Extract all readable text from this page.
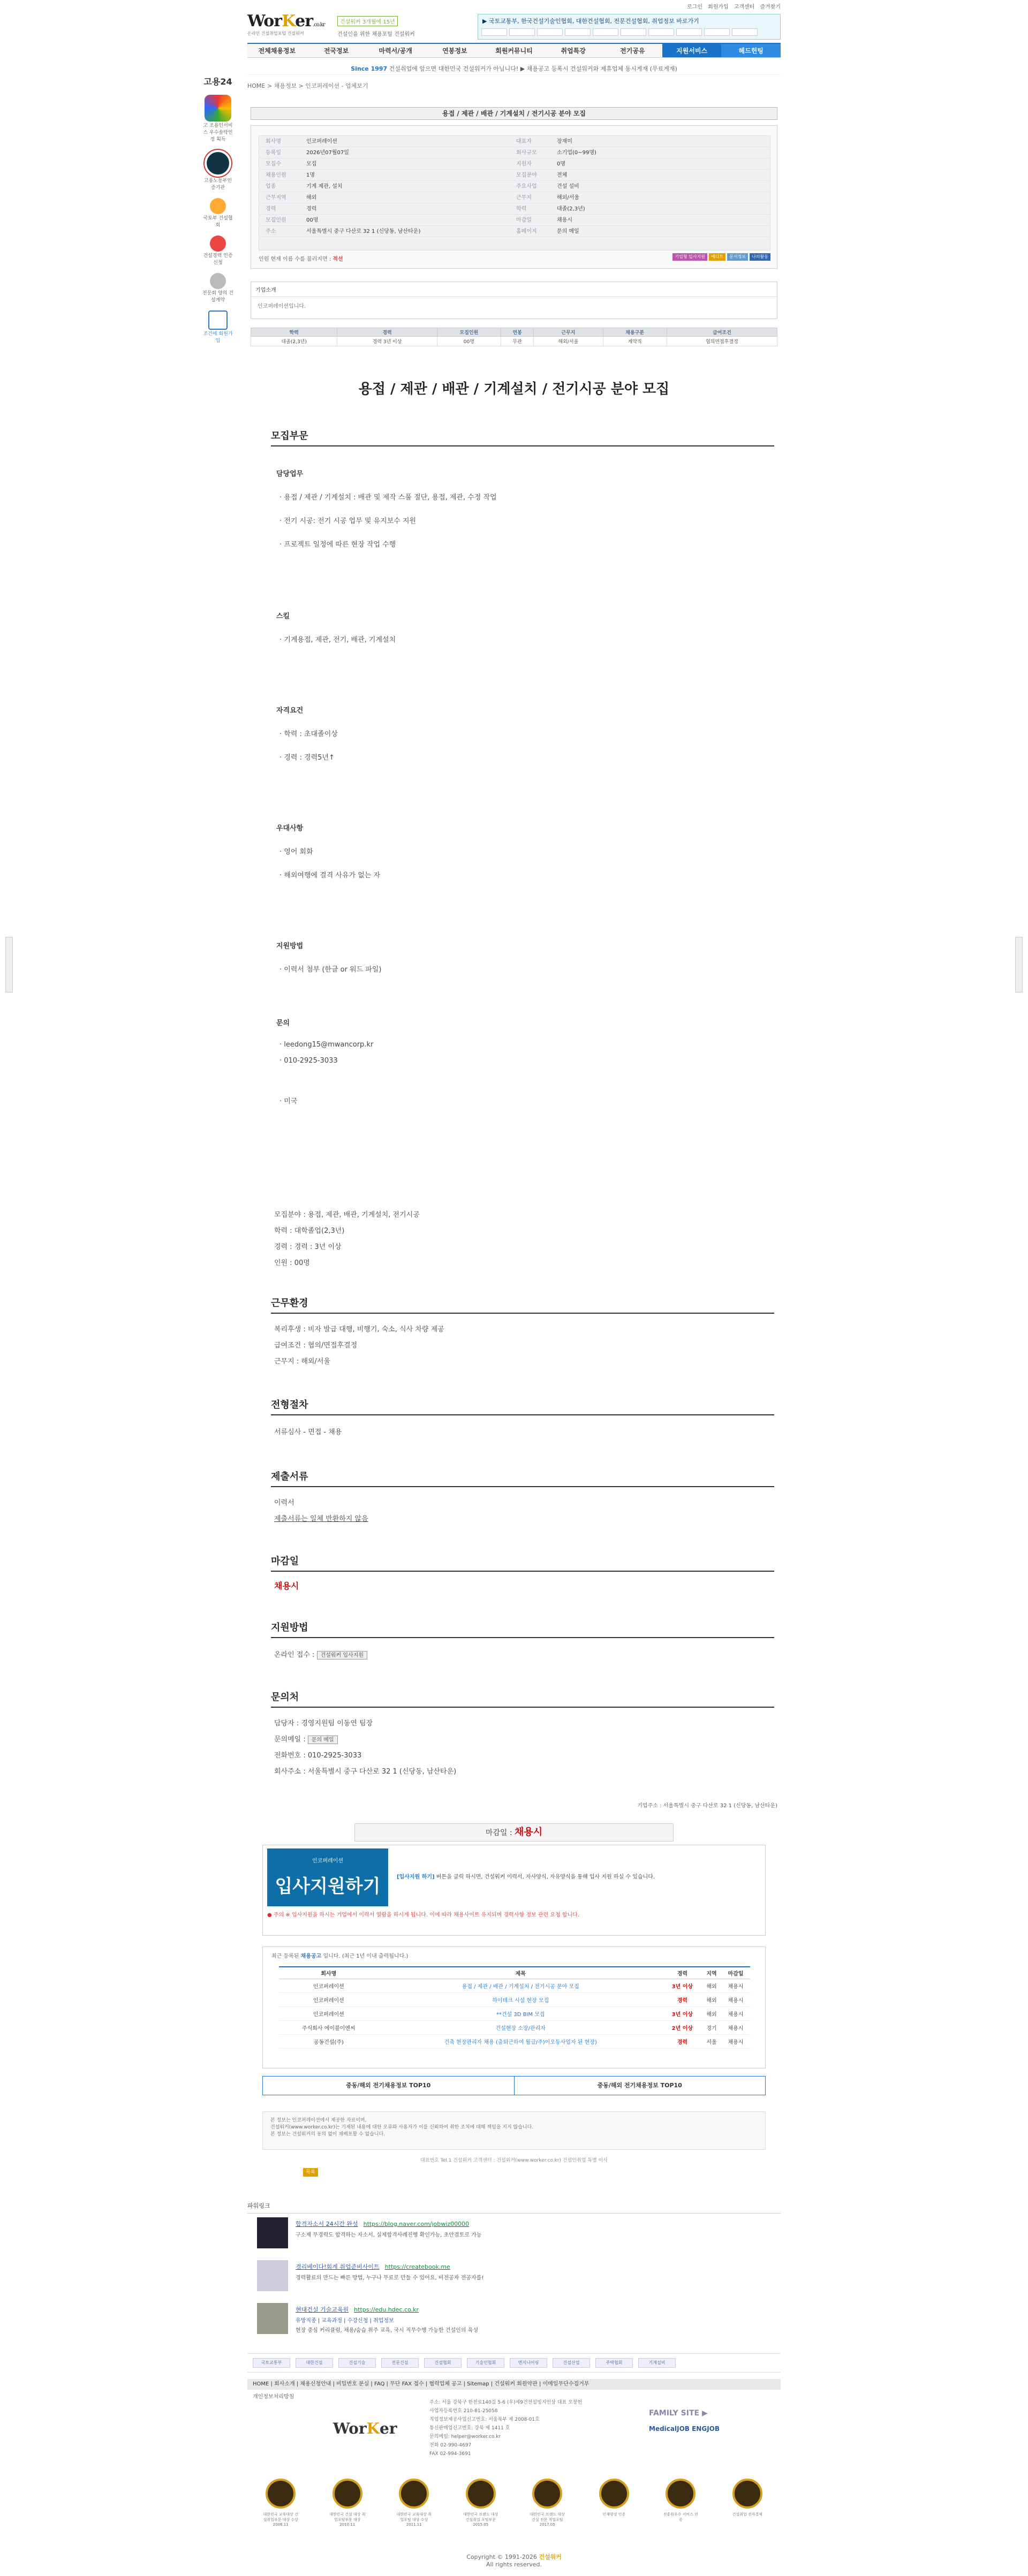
고용24
고 조용인서비스 우수솔탁인정 획득
고용노동부인증기관
국토부 건설협회
건설경력 인증신청
전문회 양의 건설계약
조건에 회원가입
로그인 회원가입 고객센터 즐겨찾기
WorKer.co.kr
온라인 건설취업포털 건설워커
건설워커 3개월에 15년
건설인을 위한 채용포털 건설워커
▶ 국토교통부, 한국건설기술인협회, 대한건설협회, 전문건설협회, 취업정보 바로가기
전체채용정보	전국정보	마력서/공개	연봉정보	회원커뮤니티	취업특강	전기공유	지원서비스	헤드헌팅
Since 1997 건설취업에 앞으면 대한민국 건설워커가 아닙니다! ▶ 채용공고 등록시 건설워커와 제휴업체 동시게재 (무료게재)
HOME > 채용정보 > 인코퍼레이션 - 업체보기
용접 / 제관 / 배관 / 기계설치 / 전기시공 분야 모집
회사명	인코퍼레이션	대표자	장재미
등록일	2026년07월07일	회사규모	소기업(0~99명)
모집수	모집	지원자	0명
채용인원	1명	모집분야	전체
업종	기계 제관, 설치	주요사업	건설 설비
근무지역	해외	근무지	해외/서울
경력	경력	학력	대졸(2,3년)
모집인원	00명	마감일	채용시
주소	서울특별시 중구 다산로 32 1 (신당동, 남산타운)	홈페이지	문의 메일
인원 현재 이름 수를 불러지면 : 적선	기업형 입사지원	에디트	문서정보	나의활동
기업소개
인코퍼레이션입니다.
학력	경력	모집인원	연봉	근무지	채용구분	급여조건
대졸(2,3년)	경력 3년 이상	00명	무관	해외/서울	계약직	협의면접후결정
용접 / 제관 / 배관 / 기계설치 / 전기시공 분야 모집
모집부문
담당업무
· 용접 / 제관 / 기계설치 : 배관 및 제작 스풀 절단, 용접, 제관, 수정 작업
· 전기 시공: 전기 시공 업무 및 유지보수 지원
· 프로젝트 일정에 따른 현장 작업 수행
스킬
· 기계용접, 제관, 전기, 배관, 기계설치
자격요건
· 학력 : 초대졸이상
· 경력 : 경력5년↑
우대사항
· 영어 회화
· 해외여행에 결격 사유가 없는 자
지원방법
· 이력서 첨부 (한글 or 워드 파일)
문의
· leedong15@mwancorp.kr
· 010-2925-3033
· 미국
모집분야 : 용접, 제관, 배관, 기계설치, 전기시공
학력 : 대학졸업(2,3년)
경력 : 경력 : 3년 이상
인원 : 00명
근무환경
복리후생 : 비자 발급 대행, 비행기, 숙소, 식사 차량 제공
급여조건 : 협의/면접후결정
근무지 : 해외/서울
전형절차
서류심사 - 면접 - 채용
제출서류
이력서
제출서류는 일체 반환하지 않음
마감일
채용시
지원방법
온라인 접수 : 건설워커 입사지원
문의처
담당자 : 경영지원팀 이동연 팀장
문의메일 : 문의 메일
전화번호 : 010-2925-3033
회사주소 : 서울특별시 중구 다산로 32 1 (신당동, 남산타운)
기업주소 : 서울특별시 중구 다산로 32 1 (신당동, 남산타운)
마감일 : 채용시
인코퍼레이션
입사지원하기	[입사지원 하기] 버튼을 클릭 하시면, 건설워커 이력서, 자사양식, 자유양식을 통해 입사 지원 하실 수 있습니다.
● 주의 ※ 입사지원을 하시는 기업에서 이력서 열람을 하시게 됩니다. 이에 따라 채용사이트 유지되며 경력사항 정보 관련 요청 합니다.
최근 등록된 채용공고 입니다. (최근 1년 이내 출력됩니다.)
회사명	제목	경력	지역	마감일
인코퍼레이션	용접 / 제관 / 배관 / 기계설치 / 전기시공 분야 모집	3년 이상	해외	채용시
인코퍼레이션	하이테크 시설 현장 모집	경력	해외	채용시
인코퍼레이션	**건설 3D BIM 모집	3년 이상	해외	채용시
주식회사 에이블이엔씨	건설현장 소장/관리자	2년 이상	경기	채용시
공동건설(주)	건축 현장관리자 채용 (출퇴근하여 월급/주)이오등사업자 된 현장)	경력	서울	채용시
중동/해외 전기채용정보 TOP10	중동/해외 전기채용정보 TOP10
본 정보는 인코퍼레이션에서 제공한 자료이며,
건설워커(www.worker.co.kr)는 기재된 내용에 대한 오류와 사용자가 이를 신뢰하여 취한 조치에 대해 책임을 지지 않습니다.
본 정보는 건설워커의 동의 없이 재배포할 수 없습니다.
대표번호 Tel.1 건설워커 고객센터 : 건설워커(www.worker.co.kr) 건설인취업 특별 이사
목록
파워링크
합격자소서 24시간 완성 https://blog.naver.com/jobwiz00000
구소제 무경력도 합격하는 자소서, 실제합격사례진행 확인가능, 초안검토로 가능
경리베이다!회계 취업준비사이트 https://createbook.me
경력활료의 만드는 빠른 방법, 누구나 무료로 만들 수 있어요, 비전공자 전공자를!
현대건설 기술교육원 https://edu.hdec.co.kr
유망직종 | 교육과정 | 수강신청 | 취업정보
현장 중심 커리큘럼, 채용/숨습 위주 교육, 국시 직무수행 가능한 건설인의 육성
국토교통부	대한건설	건설기술	전문건설	건설협회	기술인협회	엔지니어링	건설산업	주택협회	기계설비
HOME | 회사소개 | 채용신청안내 | 비밀번호 분실 | FAQ | 무단 FAX 접수 | 협력업체 공고 | Sitemap | 건설워커 회원약관 | 이메일무단수집거부
개인정보처리방침
WorKer
주소: 서울 강북구 한천로140길 5-6 (우)제9건전설빙지인상 대표 오창헌
사업자등록번호 210-81-25058
직업정보제공사업신고번호: 서울북부 제 2008-01호
통신판매업신고번호: 강북 제 1411 호
문의메일: helper@worker.co.kr
전화 02-990-4697
FAX 02-994-3691
FAMILY SITE ▶
MedicalJOB ENGJOB
대한민국 교육대상 건설취업부문 대상 수상 2006.11
대한민국 건설 대상 취업포털부문 대상 2010.11
대한민국 교육대상 취업포털 대상 수상 2011.11
대한민국 브랜드 대상 건설취업 포털부문 2015.05
대한민국 브랜드 대상 건설 전문 직업포털 2017.05
인재양성 인증	진흥원우수 서비스 인증
건설취업 전자결제
Copyright © 1991-2026 건설워커
All rights reserved.
